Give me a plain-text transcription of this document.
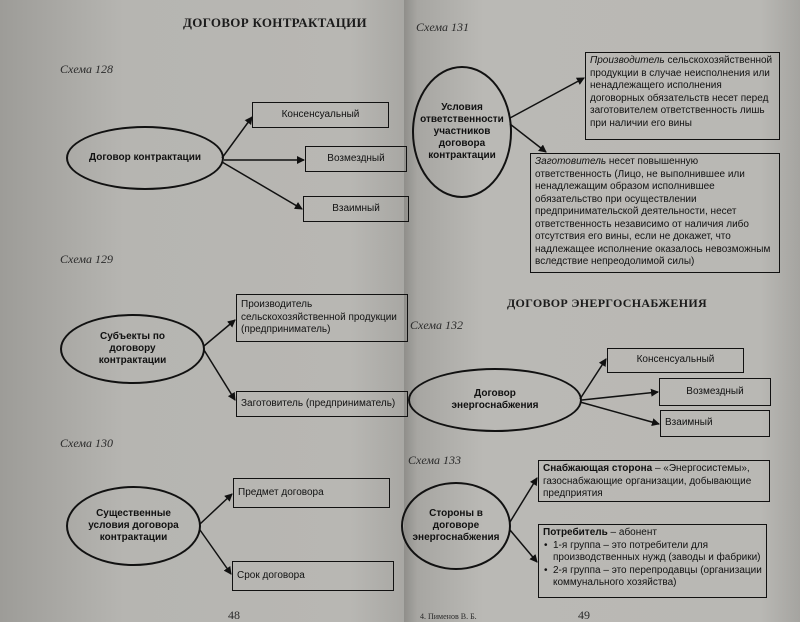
ДОГОВОР КОНТРАКТАЦИИ
Схема 128
Договор контрактации
Консенсуальный
Возмездный
Взаимный
Схема 129
Субъекты по договору контрактации
Производитель сельскохозяйственной продукции (предприниматель)
Заготовитель (предприниматель)
Схема 130
Существенные условия договора контрактации
Предмет договора
Срок договора
48
Схема 131
Условия ответственности участников договора контрактации
Производитель сельскохозяйственной продукции в случае неисполнения или ненадлежащего исполнения договорных обязательств несет перед заготовителем ответственность лишь при наличии его вины
Заготовитель несет повышенную ответственность (Лицо, не выполнившее или ненадлежащим образом исполнившее обязательство при осуществлении предпринимательской деятельности, несет ответственность независимо от наличия либо отсутствия его вины, если не докажет, что надлежащее исполнение оказалось невозможным вследствие непреодолимой силы)
ДОГОВОР ЭНЕРГОСНАБЖЕНИЯ
Схема 132
Договор энергоснабжения
Консенсуальный
Возмездный
Взаимный
Схема 133
Стороны в договоре энергоснабжения
Снабжающая сторона – «Энергосистемы», газоснабжающие организации, добывающие предприятия
Потребитель – абонент
• 1-я группа – это потребители для производственных нужд (заводы и фабрики)
• 2-я группа – это перепродавцы (организации коммунального хозяйства)
4. Пименов В. Б.	49
